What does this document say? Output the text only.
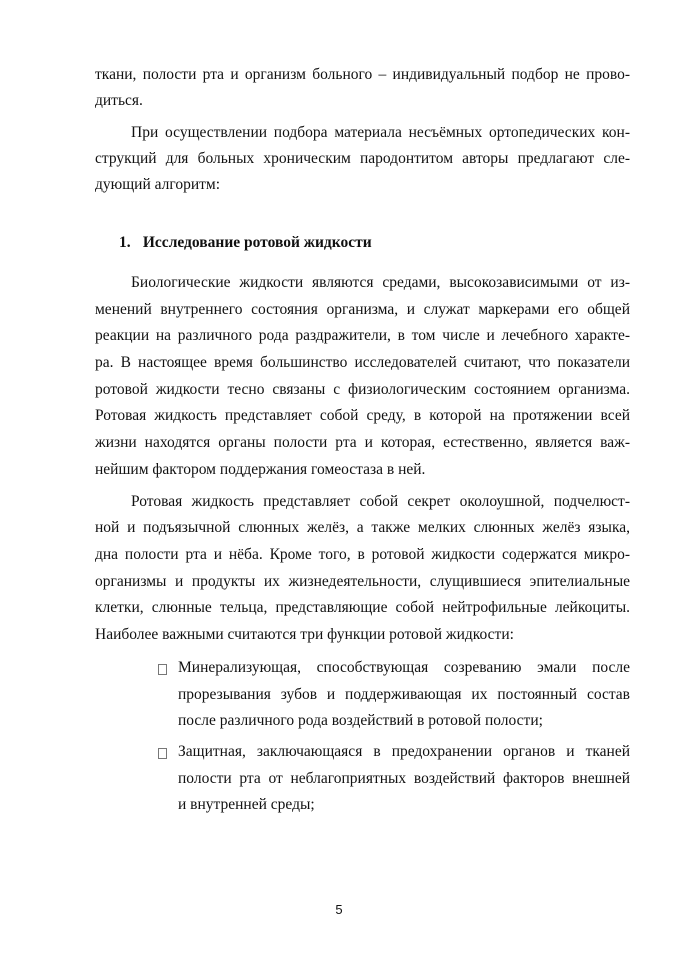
ткани, полости рта и организм больного – индивидуальный подбор не прово-
диться.
При осуществлении подбора материала несъёмных ортопедических кон-
струкций для больных хроническим пародонтитом авторы предлагают сле-
дующий алгоритм:
1. Исследование ротовой жидкости
Биологические жидкости являются средами, высокозависимыми от из-
менений внутреннего состояния организма, и служат маркерами его общей
реакции на различного рода раздражители, в том числе и лечебного характе-
ра. В настоящее время большинство исследователей считают, что показатели
ротовой жидкости тесно связаны с физиологическим состоянием организма.
Ротовая жидкость представляет собой среду, в которой на протяжении всей
жизни находятся органы полости рта и которая, естественно, является важ-
нейшим фактором поддержания гомеостаза в ней.
Ротовая жидкость представляет собой секрет околоушной, подчелюст-
ной и подъязычной слюнных желёз, а также мелких слюнных желёз языка,
дна полости рта и нёба. Кроме того, в ротовой жидкости содержатся микро-
организмы и продукты их жизнедеятельности, слущившиеся эпителиальные
клетки, слюнные тельца, представляющие собой нейтрофильные лейкоциты.
Наиболее важными считаются три функции ротовой жидкости:
Минерализующая, способствующая созреванию эмали после
прорезывания зубов и поддерживающая их постоянный состав
после различного рода воздействий в ротовой полости;
Защитная, заключающаяся в предохранении органов и тканей
полости рта от неблагоприятных воздействий факторов внешней
и внутренней среды;
5
